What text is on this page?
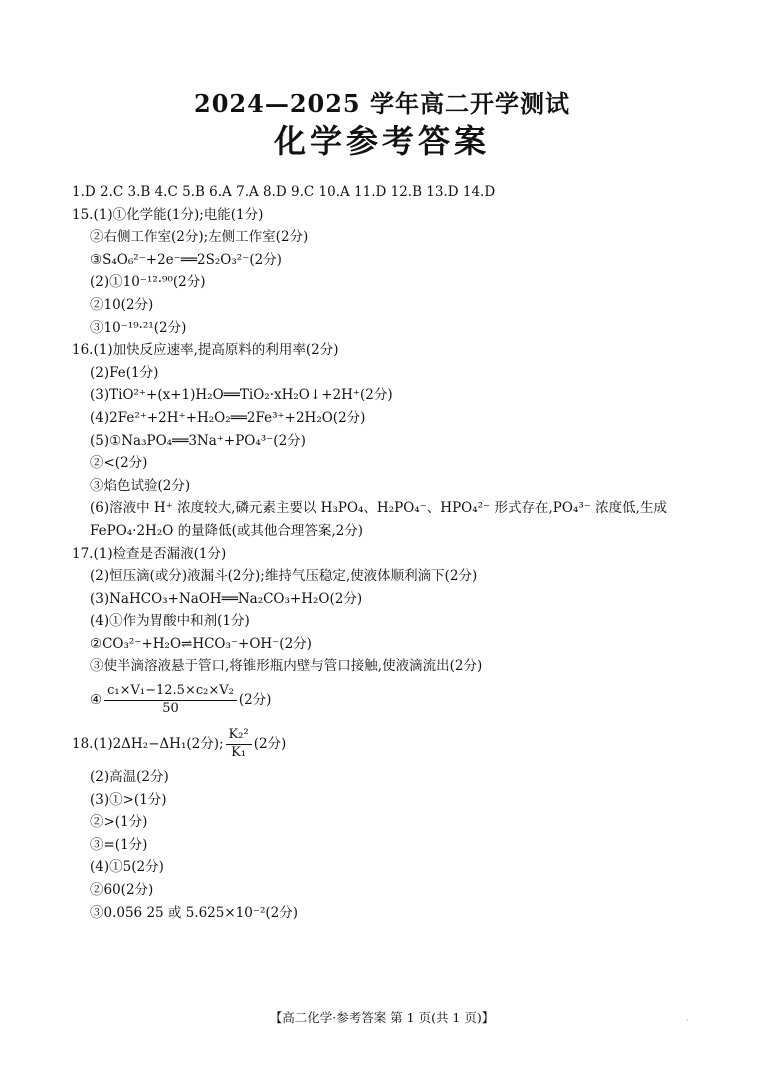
2024—2025 学年高二开学测试
化学参考答案
1.D 2.C 3.B 4.C 5.B 6.A 7.A 8.D 9.C 10.A 11.D 12.B 13.D 14.D
15.(1)①化学能(1分);电能(1分)
②右侧工作室(2分);左侧工作室(2分)
③S₄O₆²⁻+2e⁻══2S₂O₃²⁻(2分)
(2)①10⁻¹²·⁹⁰(2分)
②10(2分)
③10⁻¹⁹·²¹(2分)
16.(1)加快反应速率,提高原料的利用率(2分)
(2)Fe(1分)
(3)TiO²⁺+(x+1)H₂O══TiO₂·xH₂O↓+2H⁺(2分)
(4)2Fe²⁺+2H⁺+H₂O₂══2Fe³⁺+2H₂O(2分)
(5)①Na₃PO₄══3Na⁺+PO₄³⁻(2分)
②<(2分)
③焰色试验(2分)
(6)溶液中 H⁺ 浓度较大,磷元素主要以 H₃PO₄、H₂PO₄⁻、HPO₄²⁻ 形式存在,PO₄³⁻ 浓度低,生成 FePO₄·2H₂O 的量降低(或其他合理答案,2分)
17.(1)检查是否漏液(1分)
(2)恒压滴(或分)液漏斗(2分);维持气压稳定,使液体顺利滴下(2分)
(3)NaHCO₃+NaOH══Na₂CO₃+H₂O(2分)
(4)①作为胃酸中和剂(1分)
②CO₃²⁻+H₂O⇌HCO₃⁻+OH⁻(2分)
③使半滴溶液悬于管口,将锥形瓶内壁与管口接触,使液滴流出(2分)
④ $\frac{\text{c₁×V₁−12.5×c₂×V₂}}{50} (2$分)
18.(1)2ΔH₂−ΔH₁(2分); $\frac{\text{K₂²}}{\text{K₁}} (2$分)
(2)高温(2分)
(3)①>(1分)
②>(1分)
③=(1分)
(4)①5(2分)
②60(2分)
③0.056 25 或 5.625×10⁻²(2分)
【高二化学·参考答案 第 1 页(共 1 页)】	·
